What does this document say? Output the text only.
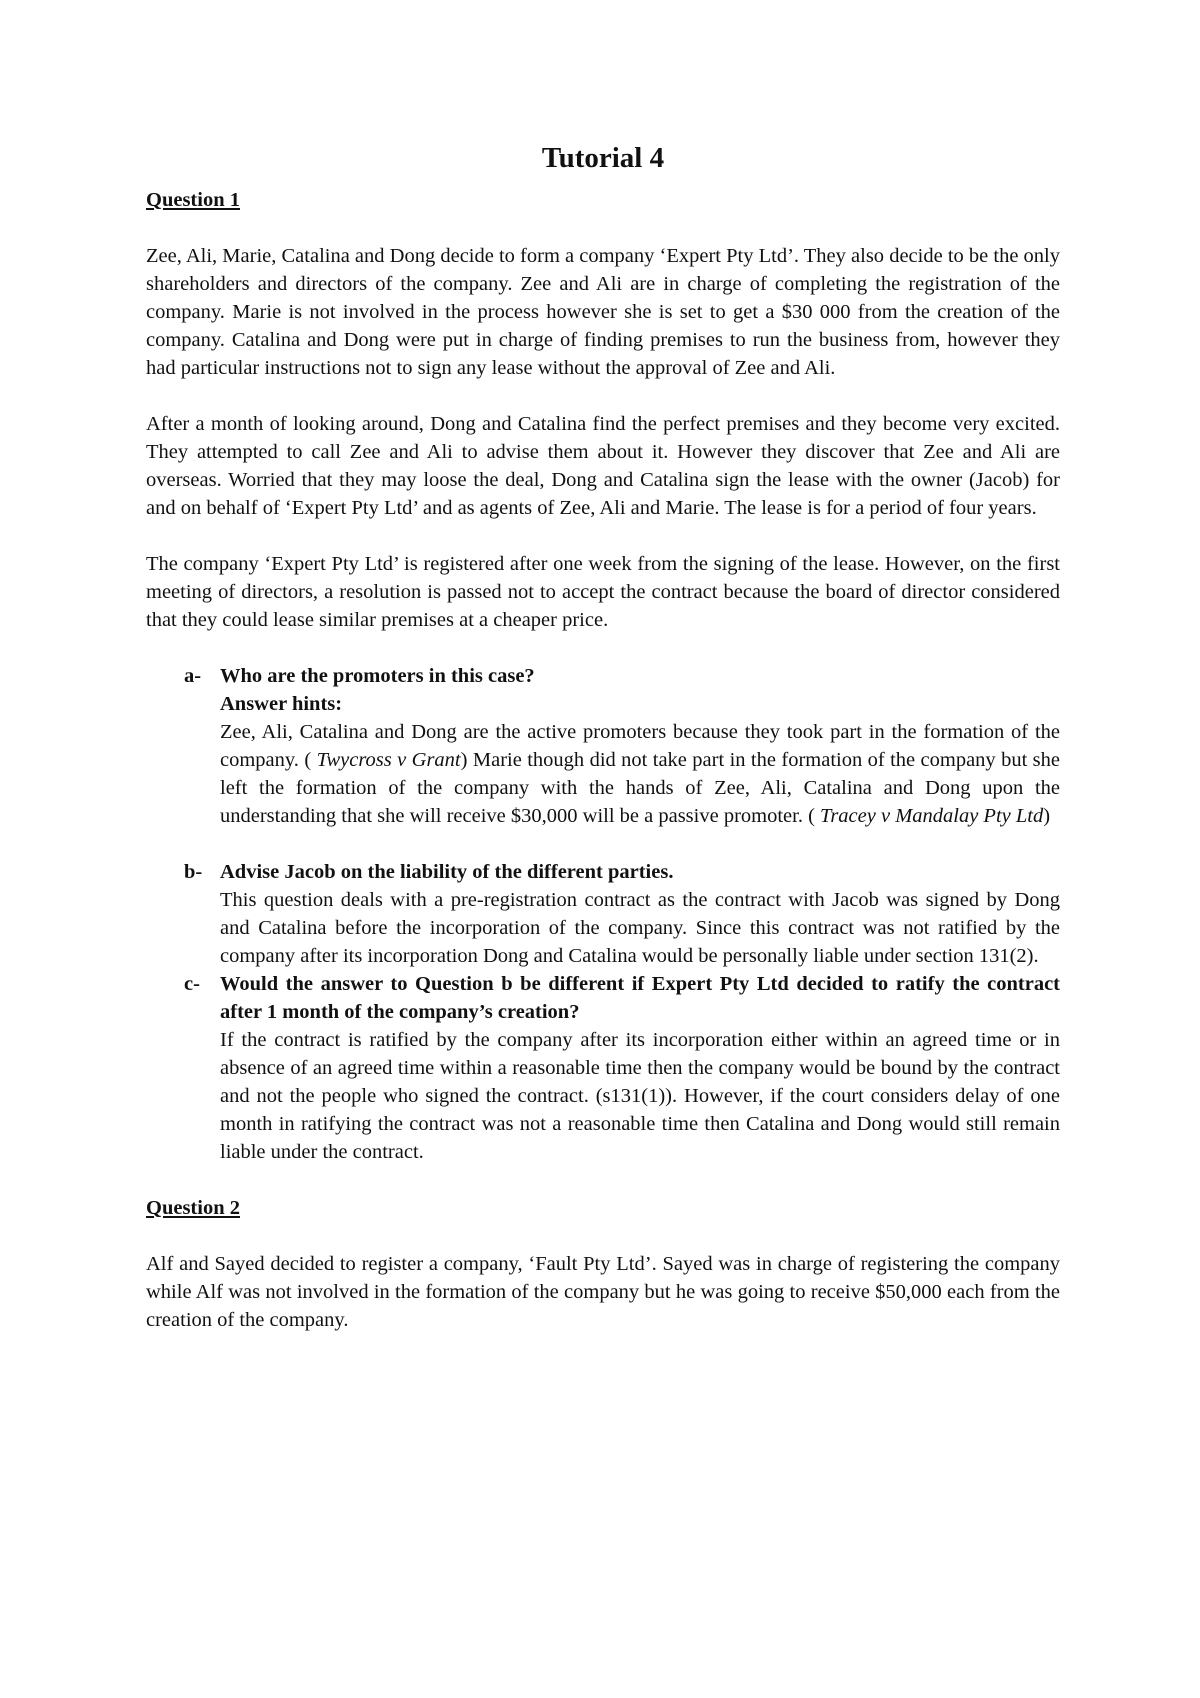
Tutorial 4
Question 1
Zee, Ali, Marie, Catalina and Dong decide to form a company ‘Expert Pty Ltd’. They also decide to be the only shareholders and directors of the company. Zee and Ali are in charge of completing the registration of the company. Marie is not involved in the process however she is set to get a $30 000 from the creation of the company. Catalina and Dong were put in charge of finding premises to run the business from, however they had particular instructions not to sign any lease without the approval of Zee and Ali.
After a month of looking around, Dong and Catalina find the perfect premises and they become very excited. They attempted to call Zee and Ali to advise them about it. However they discover that Zee and Ali are overseas. Worried that they may loose the deal, Dong and Catalina sign the lease with the owner (Jacob) for and on behalf of ‘Expert Pty Ltd’ and as agents of Zee, Ali and Marie. The lease is for a period of four years.
The company ‘Expert Pty Ltd’ is registered after one week from the signing of the lease. However, on the first meeting of directors, a resolution is passed not to accept the contract because the board of director considered that they could lease similar premises at a cheaper price.
a- Who are the promoters in this case?
Answer hints:
Zee, Ali, Catalina and Dong are the active promoters because they took part in the formation of the company. ( Twycross v Grant) Marie though did not take part in the formation of the company but she left the formation of the company with the hands of Zee, Ali, Catalina and Dong upon the understanding that she will receive $30,000 will be a passive promoter. ( Tracey v Mandalay Pty Ltd)
b- Advise Jacob on the liability of the different parties.
This question deals with a pre-registration contract as the contract with Jacob was signed by Dong and Catalina before the incorporation of the company. Since this contract was not ratified by the company after its incorporation Dong and Catalina would be personally liable under section 131(2).
c- Would the answer to Question b be different if Expert Pty Ltd decided to ratify the contract after 1 month of the company’s creation?
If the contract is ratified by the company after its incorporation either within an agreed time or in absence of an agreed time within a reasonable time then the company would be bound by the contract and not the people who signed the contract. (s131(1)). However, if the court considers delay of one month in ratifying the contract was not a reasonable time then Catalina and Dong would still remain liable under the contract.
Question 2
Alf and Sayed decided to register a company, ‘Fault Pty Ltd’. Sayed was in charge of registering the company while Alf was not involved in the formation of the company but he was going to receive $50,000 each from the creation of the company.
